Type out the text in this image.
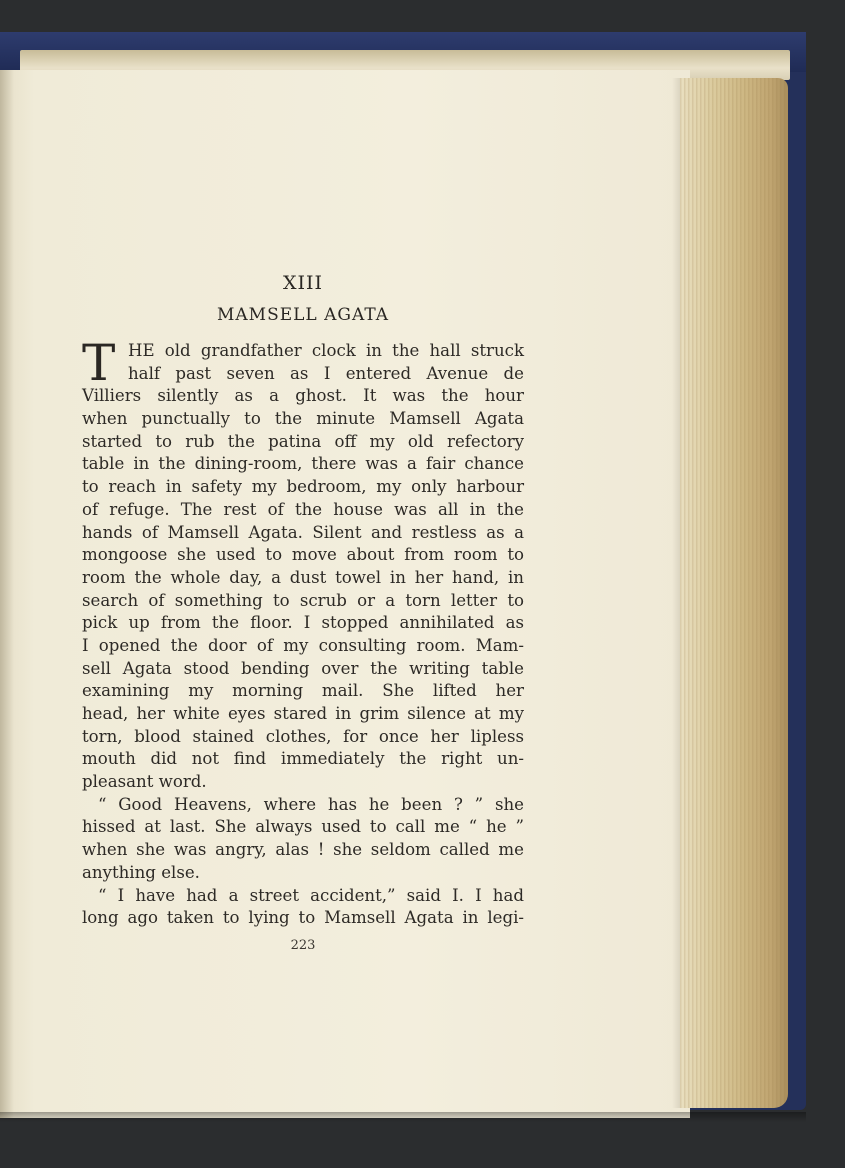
XIII
MAMSELL AGATA
T HE old grandfather clock in the hall struck
half past seven as I entered Avenue de
Villiers silently as a ghost. It was the hour
when punctually to the minute Mamsell Agata
started to rub the patina off my old refectory
table in the dining-room, there was a fair chance
to reach in safety my bedroom, my only harbour
of refuge. The rest of the house was all in the
hands of Mamsell Agata. Silent and restless as a
mongoose she used to move about from room to
room the whole day, a dust towel in her hand, in
search of something to scrub or a torn letter to
pick up from the floor. I stopped annihilated as
I opened the door of my consulting room. Mam-
sell Agata stood bending over the writing table
examining my morning mail. She lifted her
head, her white eyes stared in grim silence at my
torn, blood stained clothes, for once her lipless
mouth did not find immediately the right un-
pleasant word.
“ Good Heavens, where has he been ? ” she
hissed at last. She always used to call me “ he ”
when she was angry, alas ! she seldom called me
anything else.
“ I have had a street accident,” said I. I had
long ago taken to lying to Mamsell Agata in legi-
223
